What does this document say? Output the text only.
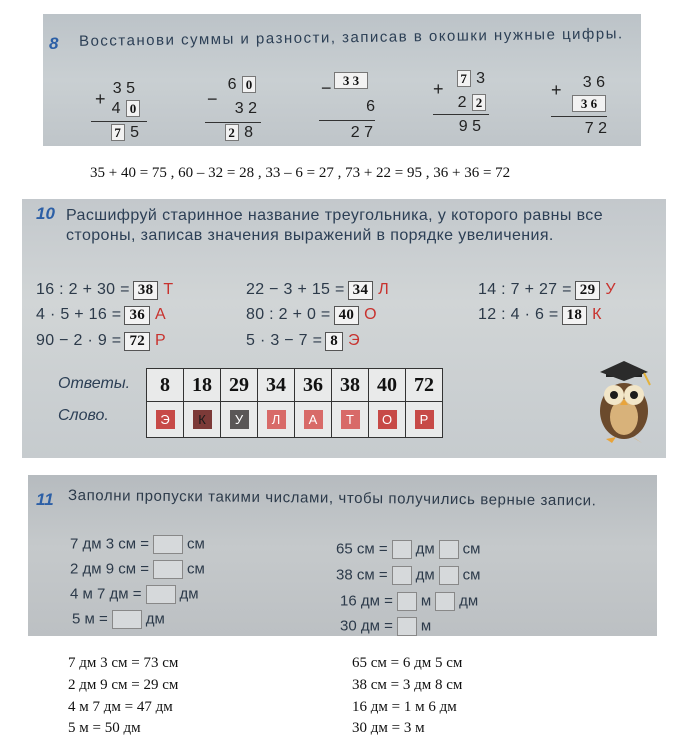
8 Восстанови суммы и разности, записав в окошки нужные цифры.
+
3 5
4 0
7 5
−
6 0
3 2
2 8
− 3 3
6
2 7
+
7 3
2 2
9 5
+ 3 6
3 6
7 2
35 + 40 = 75 , 60 – 32 = 28 , 33 – 6 = 27 , 73 + 22 = 95 , 36 + 36 = 72
10 Расшифруй старинное название треугольника, у которого равны все стороны, записав значения выражений в порядке увеличения.
16 : 2 + 30 = 38 Т	22 − 3 + 15 = 34 Л	14 : 7 + 27 = 29 У
4 · 5 + 16 = 36 А	80 : 2 + 0 = 40 О	12 : 4 · 6 = 18 К
90 − 2 · 9 = 72 Р	5 · 3 − 7 = 8 Э
Ответы.
Слово.
8	18	29	34	36	38	40	72
Э	К	У	Л	А	Т	О	Р
11 Заполни пропуски такими числами, чтобы получились верные записи.
7 дм 3 см =	см
2 дм 9 см =	см
4 м 7 дм =	дм
5 м =	дм
65 см = дм см
38 см = дм см
16 дм = м дм
30 дм = м
7 дм 3 см = 73 см
2 дм 9 см = 29 см
4 м 7 дм = 47 дм
5 м = 50 дм
65 см = 6 дм 5 см
38 см = 3 дм 8 см
16 дм = 1 м 6 дм
30 дм = 3 м
